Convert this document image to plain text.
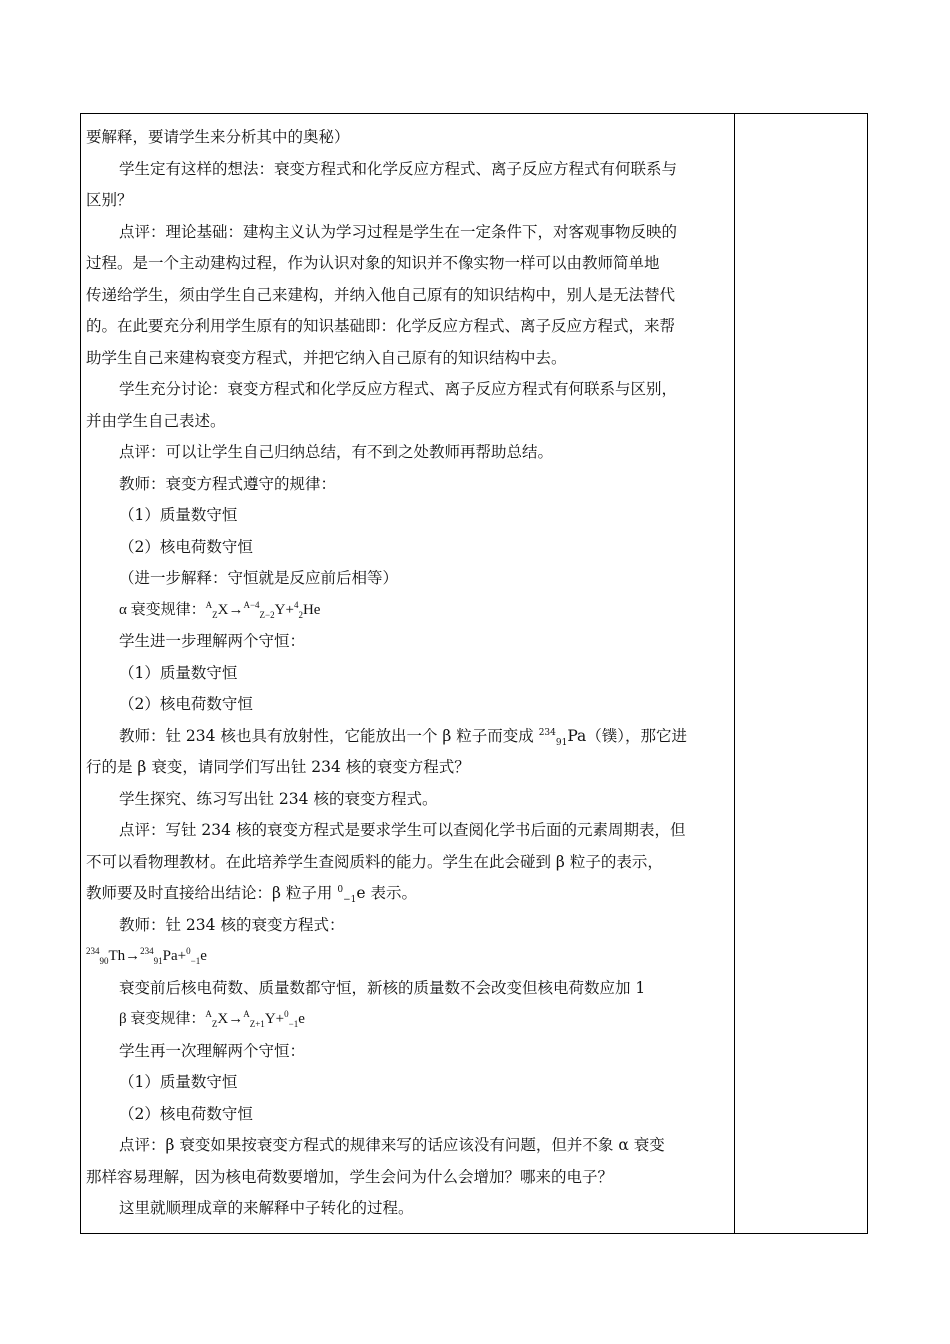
要解释，要请学生来分析其中的奥秘）

学生定有这样的想法：衰变方程式和化学反应方程式、离子反应方程式有何联系与

区别？

点评：理论基础：建构主义认为学习过程是学生在一定条件下，对客观事物反映的

过程。是一个主动建构过程，作为认识对象的知识并不像实物一样可以由教师简单地

传递给学生，须由学生自己来建构，并纳入他自己原有的知识结构中，别人是无法替代

的。在此要充分利用学生原有的知识基础即：化学反应方程式、离子反应方程式，来帮

助学生自己来建构衰变方程式，并把它纳入自己原有的知识结构中去。

学生充分讨论：衰变方程式和化学反应方程式、离子反应方程式有何联系与区别，

并由学生自己表述。

点评：可以让学生自己归纳总结，有不到之处教师再帮助总结。

教师：衰变方程式遵守的规律：

（1）质量数守恒

（2）核电荷数守恒

（进一步解释：守恒就是反应前后相等）

α 衰变规律：$^A_Z$X→$^{A-4}_{Z-2}$Y+$^4_2$He

学生进一步理解两个守恒：

（1）质量数守恒

（2）核电荷数守恒

教师：钍 234 核也具有放射性，它能放出一个 β 粒子而变成 $^{234}_{91}$Pa（镤），那它进

行的是 β 衰变，请同学们写出钍 234 核的衰变方程式？

学生探究、练习写出钍 234 核的衰变方程式。

点评：写钍 234 核的衰变方程式是要求学生可以查阅化学书后面的元素周期表，但

不可以看物理教材。在此培养学生查阅质料的能力。学生在此会碰到 β 粒子的表示，

教师要及时直接给出结论：β 粒子用 $^0_{-1}$e 表示。

教师：钍 234 核的衰变方程式：

$^{234}_{90}$Th→$^{234}_{91}$Pa+$^0_{-1}$e

衰变前后核电荷数、质量数都守恒，新核的质量数不会改变但核电荷数应加 1

β 衰变规律：$^A_Z$X→$^A_{Z+1}$Y+$^0_{-1}$e

学生再一次理解两个守恒：

（1）质量数守恒

（2）核电荷数守恒

点评：β 衰变如果按衰变方程式的规律来写的话应该没有问题，但并不象 α 衰变

那样容易理解，因为核电荷数要增加，学生会问为什么会增加？哪来的电子？

这里就顺理成章的来解释中子转化的过程。
